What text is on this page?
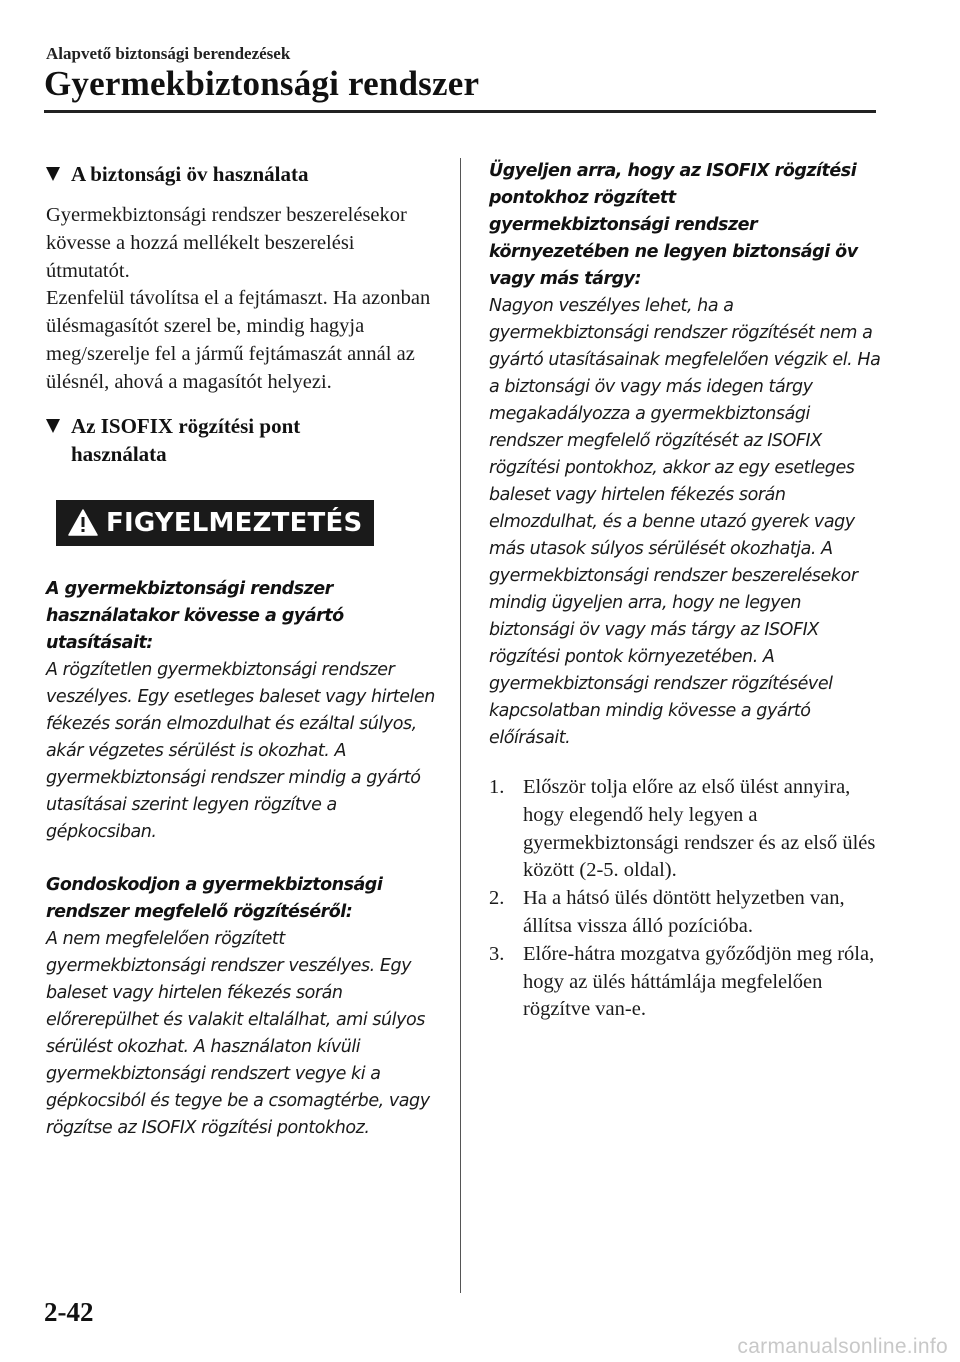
Alapvető biztonsági berendezések
Gyermekbiztonsági rendszer
A biztonsági öv használata
Gyermekbiztonsági rendszer beszerelésekor kövesse a hozzá mellékelt beszerelési útmutatót.
Ezenfelül távolítsa el a fejtámaszt. Ha azonban ülésmagasítót szerel be, mindig hagyja meg/szerelje fel a jármű fejtámaszát annál az ülésnél, ahová a magasítót helyezi.
Az ISOFIX rögzítési pont használata
FIGYELMEZTETÉS
A gyermekbiztonsági rendszer használatakor kövesse a gyártó utasításait:
A rögzítetlen gyermekbiztonsági rendszer veszélyes. Egy esetleges baleset vagy hirtelen fékezés során elmozdulhat és ezáltal súlyos, akár végzetes sérülést is okozhat. A gyermekbiztonsági rendszer mindig a gyártó utasításai szerint legyen rögzítve a gépkocsiban.
Gondoskodjon a gyermekbiztonsági rendszer megfelelő rögzítéséről:
A nem megfelelően rögzített gyermekbiztonsági rendszer veszélyes. Egy baleset vagy hirtelen fékezés során előrerepülhet és valakit eltalálhat, ami súlyos sérülést okozhat. A használaton kívüli gyermekbiztonsági rendszert vegye ki a gépkocsiból és tegye be a csomagtérbe, vagy rögzítse az ISOFIX rögzítési pontokhoz.
Ügyeljen arra, hogy az ISOFIX rögzítési pontokhoz rögzített gyermekbiztonsági rendszer környezetében ne legyen biztonsági öv vagy más tárgy:
Nagyon veszélyes lehet, ha a gyermekbiztonsági rendszer rögzítését nem a gyártó utasításainak megfelelően végzik el. Ha a biztonsági öv vagy más idegen tárgy megakadályozza a gyermekbiztonsági rendszer megfelelő rögzítését az ISOFIX rögzítési pontokhoz, akkor az egy esetleges baleset vagy hirtelen fékezés során elmozdulhat, és a benne utazó gyerek vagy más utasok súlyos sérülését okozhatja. A gyermekbiztonsági rendszer beszerelésekor mindig ügyeljen arra, hogy ne legyen biztonsági öv vagy más tárgy az ISOFIX rögzítési pontok környezetében. A gyermekbiztonsági rendszer rögzítésével kapcsolatban mindig kövesse a gyártó előírásait.
1. Először tolja előre az első ülést annyira, hogy elegendő hely legyen a gyermekbiztonsági rendszer és az első ülés között (2-5. oldal).
2. Ha a hátsó ülés döntött helyzetben van, állítsa vissza álló pozícióba.
3. Előre-hátra mozgatva győződjön meg róla, hogy az ülés háttámlája megfelelően rögzítve van-e.
2-42
carmanualsonline.info
